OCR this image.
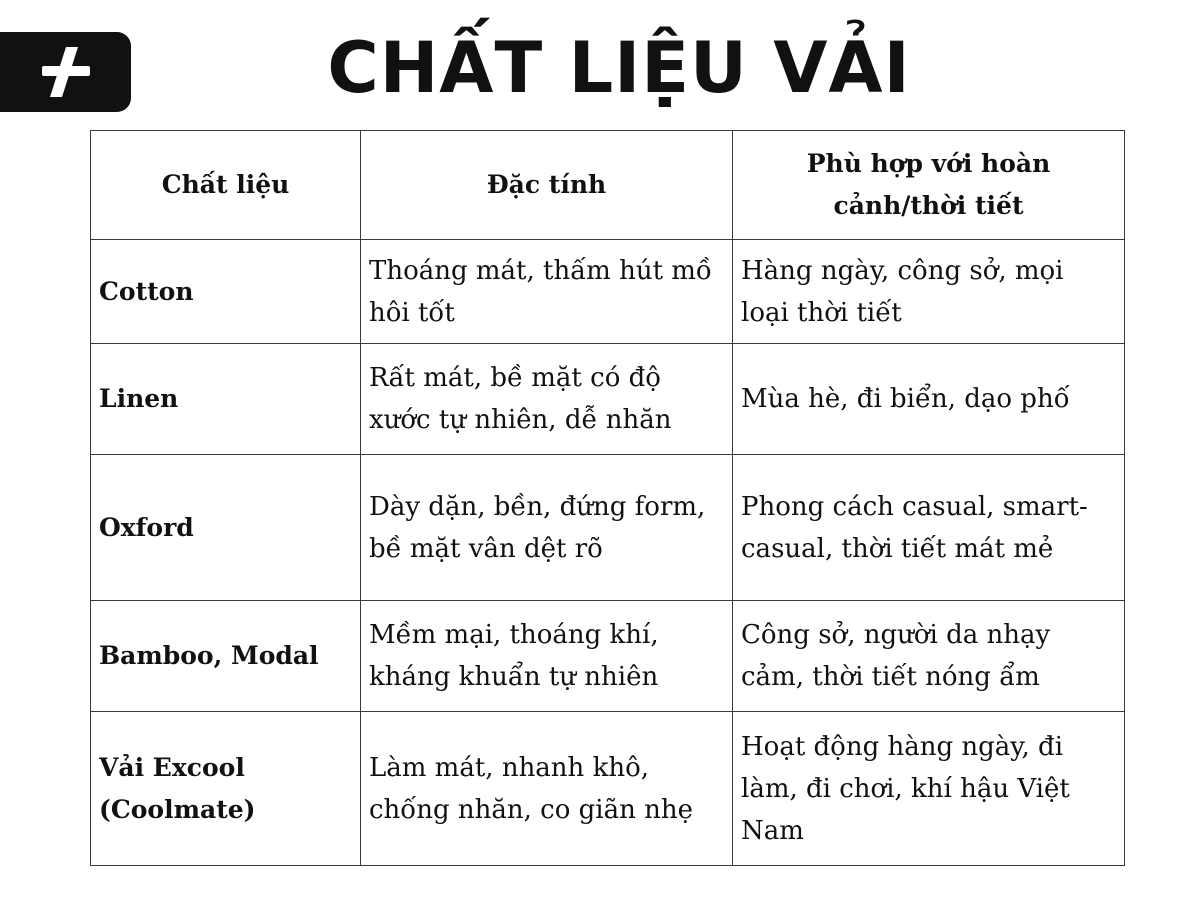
CHẤT LIỆU VẢI
Chất liệu	Đặc tính	Phù hợp với hoàn cảnh/thời tiết
Cotton	Thoáng mát, thấm hút mồ hôi tốt	Hàng ngày, công sở, mọi loại thời tiết
Linen	Rất mát, bề mặt có độ xước tự nhiên, dễ nhăn	Mùa hè, đi biển, dạo phố
Oxford	Dày dặn, bền, đứng form, bề mặt vân dệt rõ	Phong cách casual, smart-casual, thời tiết mát mẻ
Bamboo, Modal	Mềm mại, thoáng khí, kháng khuẩn tự nhiên	Công sở, người da nhạy cảm, thời tiết nóng ẩm
Vải Excool (Coolmate)	Làm mát, nhanh khô, chống nhăn, co giãn nhẹ	Hoạt động hàng ngày, đi làm, đi chơi, khí hậu Việt Nam
